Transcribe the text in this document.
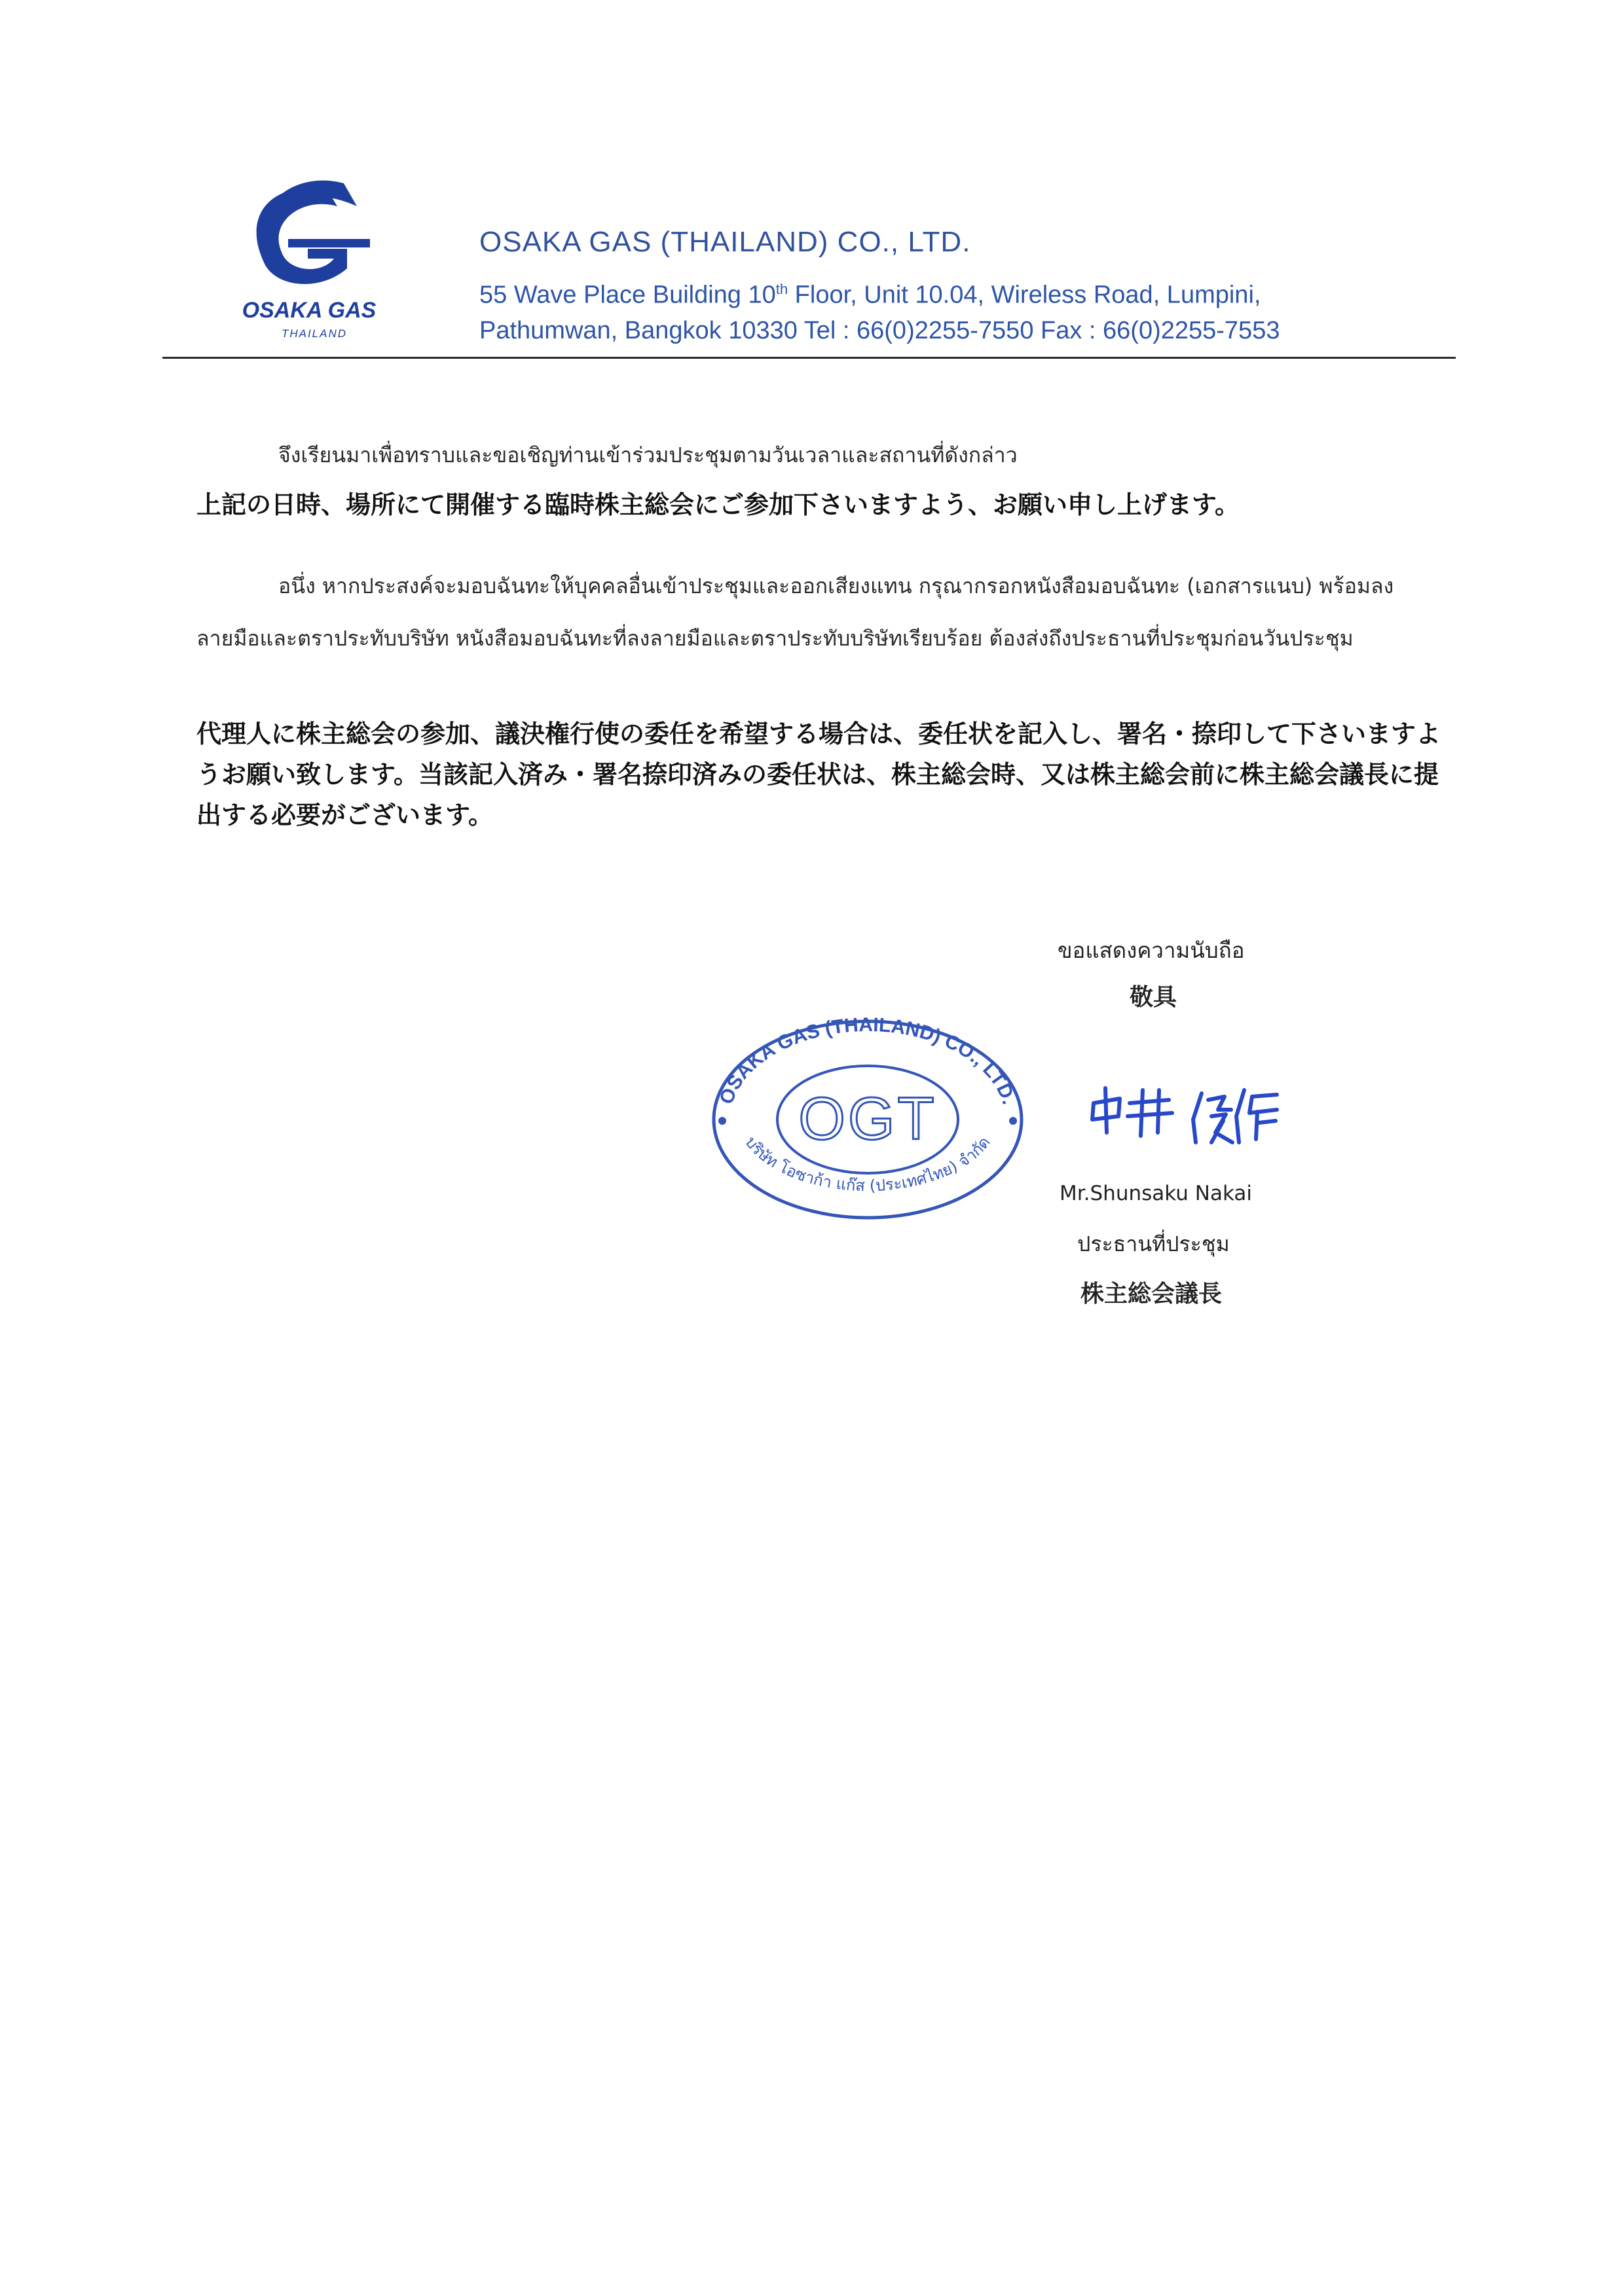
OSAKA GAS
THAILAND

OSAKA GAS (THAILAND) CO., LTD.

55 Wave Place Building 10th Floor, Unit 10.04, Wireless Road, Lumpini,

Pathumwan, Bangkok 10330 Tel : 66(0)2255-7550 Fax : 66(0)2255-7553

จึงเรียนมาเพื่อทราบและขอเชิญท่านเข้าร่วมประชุมตามวันเวลาและสถานที่ดังกล่าว

上記の日時、場所にて開催する臨時株主総会にご参加下さいますよう、お願い申し上げます。

อนึ่ง หากประสงค์จะมอบฉันทะให้บุคคลอื่นเข้าประชุมและออกเสียงแทน กรุณากรอกหนังสือมอบฉันทะ (เอกสารแนบ) พร้อมลงลายมือและตราประทับบริษัท หนังสือมอบฉันทะที่ลงลายมือและตราประทับบริษัทเรียบร้อย ต้องส่งถึงประธานที่ประชุมก่อนวันประชุม

代理人に株主総会の参加、議決権行使の委任を希望する場合は、委任状を記入し、署名・捺印して下さいますようお願い致します。当該記入済み・署名捺印済みの委任状は、株主総会時、又は株主総会前に株主総会議長に提出する必要がございます。

ขอแสดงความนับถือ
敬具
OSAKA GAS (THAILAND) CO., LTD.
บริษัท โอซาก้า แก๊ส (ประเทศไทย) จำกัด
OGT
Mr.Shunsaku Nakai
ประธานที่ประชุม
株主総会議長
